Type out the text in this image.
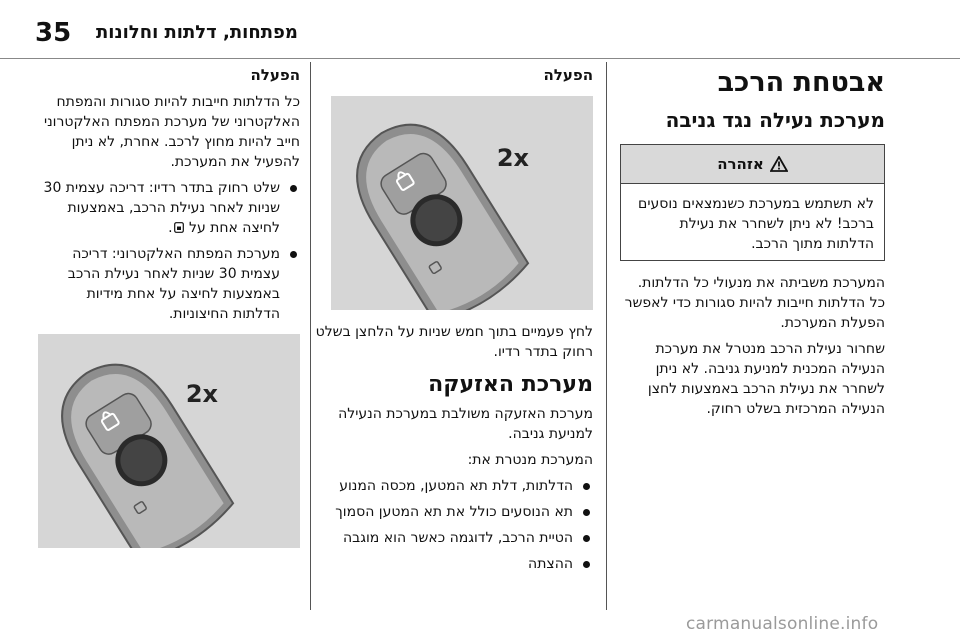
35 מפתחות, דלתות וחלונות
אבטחת הרכב
מערכת נעילה נגד גניבה
אזהרה
לא תשתמש במערכת כשנמצאים נוסעים ברכב! לא ניתן לשחרר את נעילת הדלתות מתוך הרכב.

המערכת משביתה את מנעולי כל הדלתות. כל הדלתות חייבות להיות סגורות כדי לאפשר הפעלת המערכת.

שחרור נעילת הרכב מנטרל את מערכת הנעילה המכנית למניעת גניבה. לא ניתן לשחרר את נעילת הרכב באמצעות לחצן הנעילה המרכזית בשלט רחוק.

הפעלה
2x

לחץ פעמיים בתוך חמש שניות על הלחצן בשלט רחוק בתדר רדיו.

מערכת האזעקה

מערכת האזעקה משולבת במערכת הנעילה למניעת גניבה.

המערכת מנטרת את:

הדלתות, דלת תא המטען, מכסה המנוע
תא הנוסעים כולל את תא המטען הסמוך
הטיית הרכב, לדוגמה כאשר הוא מוגבה
ההצתה
הפעלה

כל הדלתות חייבות להיות סגורות והמפתח האלקטרוני של מערכת המפתח האלקטרוני חייב להיות מחוץ לרכב. אחרת, לא ניתן להפעיל את המערכת.

שלט רחוק בתדר רדיו: דריכה עצמית 30 שניות לאחר נעילת הרכב, באמצעות לחיצה אחת על .
מערכת המפתח האלקטרוני: דריכה עצמית 30 שניות לאחר נעילת הרכב באמצעות לחיצה על אחת מידיות הדלתות החיצוניות.
2x
carmanualsonline.info
